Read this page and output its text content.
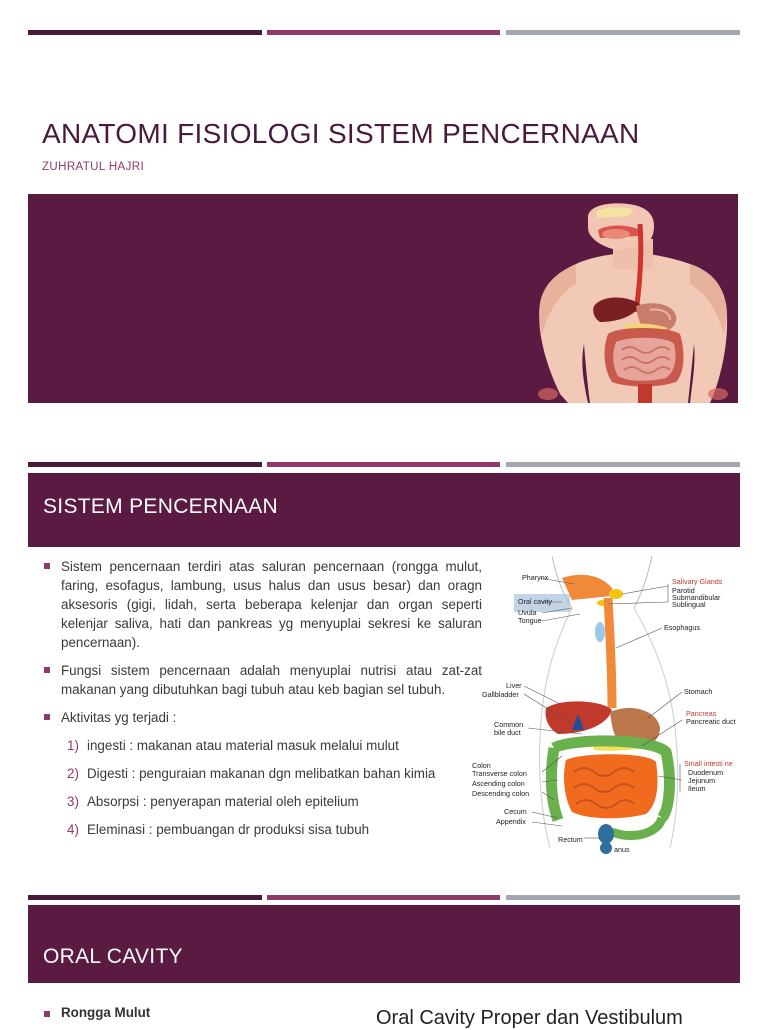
ANATOMI FISIOLOGI SISTEM PENCERNAAN
ZUHRATUL HAJRI
SISTEM PENCERNAAN
Sistem pencernaan terdiri atas saluran pencernaan (rongga mulut, faring, esofagus, lambung, usus halus dan usus besar) dan oragn aksesoris (gigi, lidah, serta beberapa kelenjar dan organ seperti kelenjar saliva, hati dan pankreas yg menyuplai sekresi ke saluran pencernaan).
Fungsi sistem pencernaan adalah menyuplai nutrisi atau zat-zat makanan yang dibutuhkan bagi tubuh atau keb bagian sel tubuh.
Aktivitas yg terjadi :
1) ingesti : makanan atau material masuk melalui mulut
2) Digesti : penguraian makanan dgn melibatkan bahan kimia
3) Absorpsi : penyerapan material oleh epitelium
4) Eleminasi : pembuangan dr produksi sisa tubuh
Pharynx
Oral cavity
Uvula
Tongue
Salivary Glands
Parotid
Submandibular
Sublingual
Esophagus
Liver
Gallbladder	Stomach
Common
bile duct
Pancreas
Pancreatic duct
Colon
Transverse colon
Ascending colon
Descending colon
Small intesti ne
Duodenum
Jejunum
Ileum
Cecum
Appendix
Rectum
anus
ORAL CAVITY
Rongga Mulut	Oral Cavity Proper dan Vestibulum
